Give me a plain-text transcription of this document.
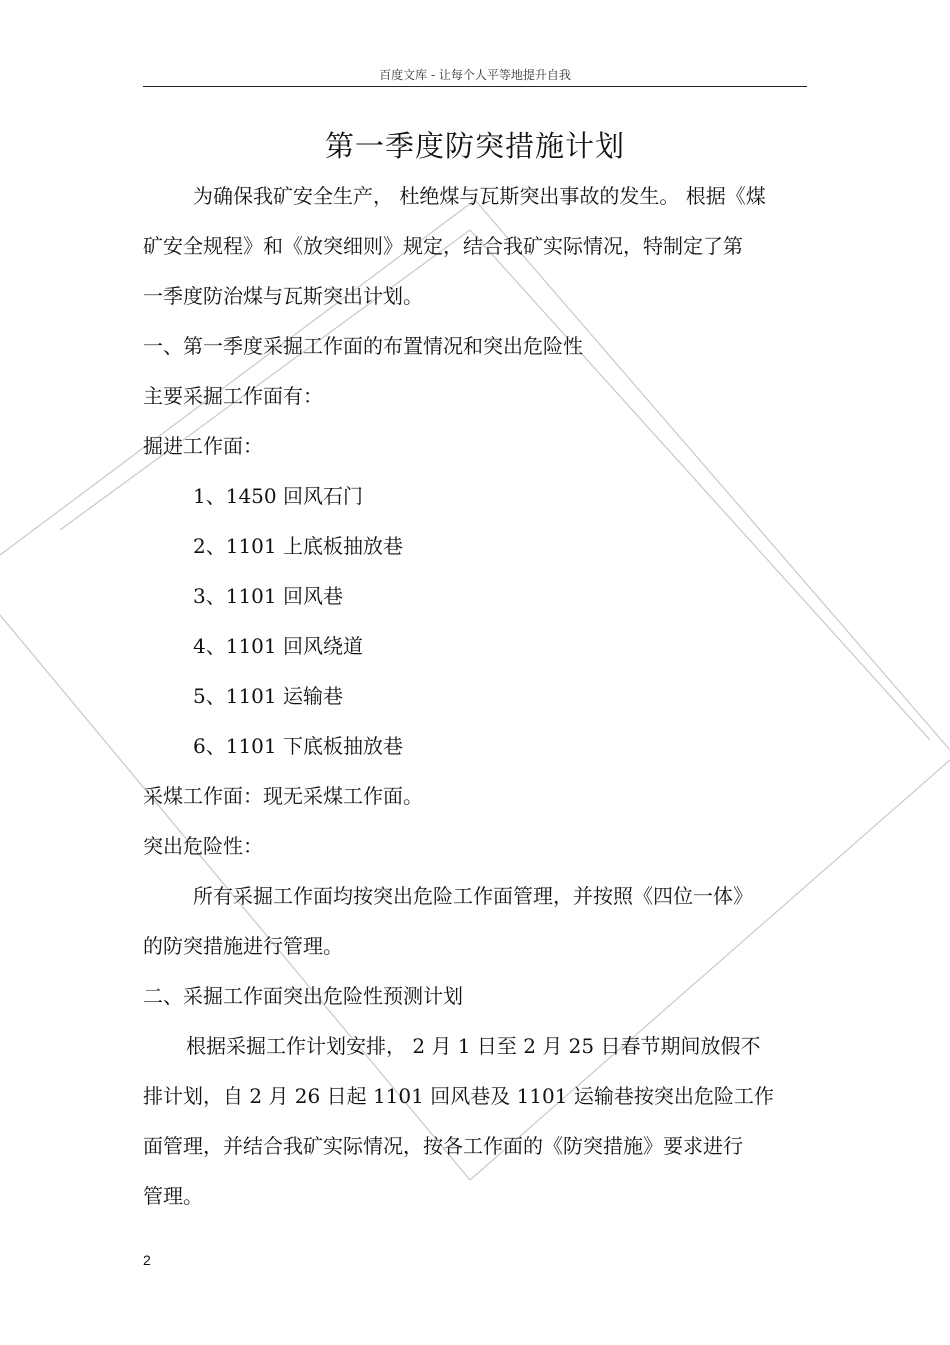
百度文库 - 让每个人平等地提升自我
第一季度防突措施计划
为确保我矿安全生产， 杜绝煤与瓦斯突出事故的发生。 根据《煤
矿安全规程》和《放突细则》规定，结合我矿实际情况，特制定了第
一季度防治煤与瓦斯突出计划。
一、第一季度采掘工作面的布置情况和突出危险性
主要采掘工作面有：
掘进工作面：
1、1450 回风石门
2、1101 上底板抽放巷
3、1101 回风巷
4、1101 回风绕道
5、1101 运输巷
6、1101 下底板抽放巷
采煤工作面：现无采煤工作面。
突出危险性：
所有采掘工作面均按突出危险工作面管理，并按照《四位一体》
的防突措施进行管理。
二、采掘工作面突出危险性预测计划
根据采掘工作计划安排， 2 月 1 日至 2 月 25 日春节期间放假不
排计划，自 2 月 26 日起 1101 回风巷及 1101 运输巷按突出危险工作
面管理，并结合我矿实际情况，按各工作面的《防突措施》要求进行
管理。
2
